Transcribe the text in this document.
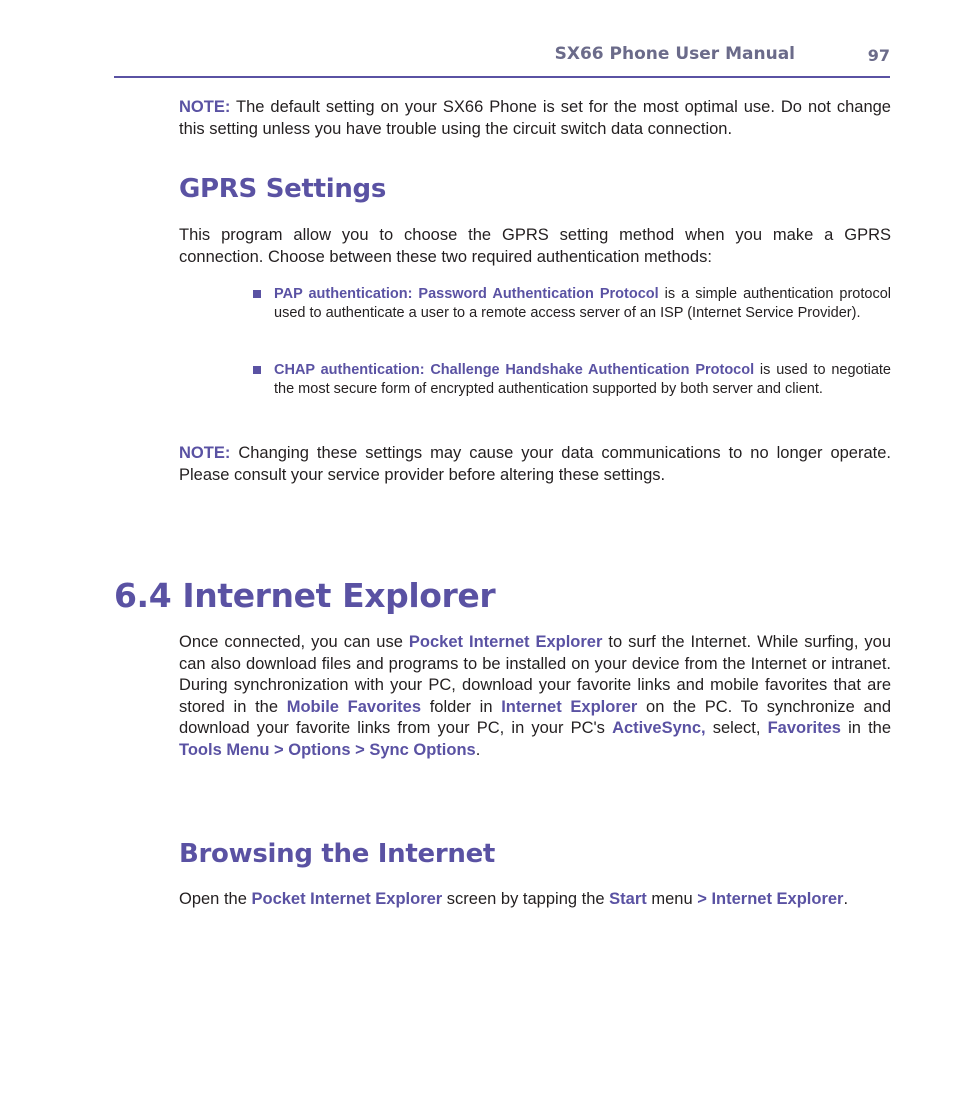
SX66 Phone User Manual	97

NOTE: The default setting on your SX66 Phone is set for the most optimal use. Do not change this setting unless you have trouble using the circuit switch data connection.

GPRS Settings

This program allow you to choose the GPRS setting method when you make a GPRS connection. Choose between these two required authentication methods:

PAP authentication: Password Authentication Protocol is a simple authentication protocol used to authenticate a user to a remote access server of an ISP (Internet Service Provider).
CHAP authentication: Challenge Handshake Authentication Protocol is used to negotiate the most secure form of encrypted authentication supported by both server and client.

NOTE: Changing these settings may cause your data communications to no longer operate. Please consult your service provider before altering these settings.

6.4 Internet Explorer

Once connected, you can use Pocket Internet Explorer to surf the Internet. While surfing, you can also download files and programs to be installed on your device from the Internet or intranet. During synchronization with your PC, download your favorite links and mobile favorites that are stored in the Mobile Favorites folder in Internet Explorer on the PC. To synchronize and download your favorite links from your PC, in your PC's ActiveSync, select, Favorites in the Tools Menu > Options > Sync Options.

Browsing the Internet

Open the Pocket Internet Explorer screen by tapping the Start menu > Internet Explorer.
